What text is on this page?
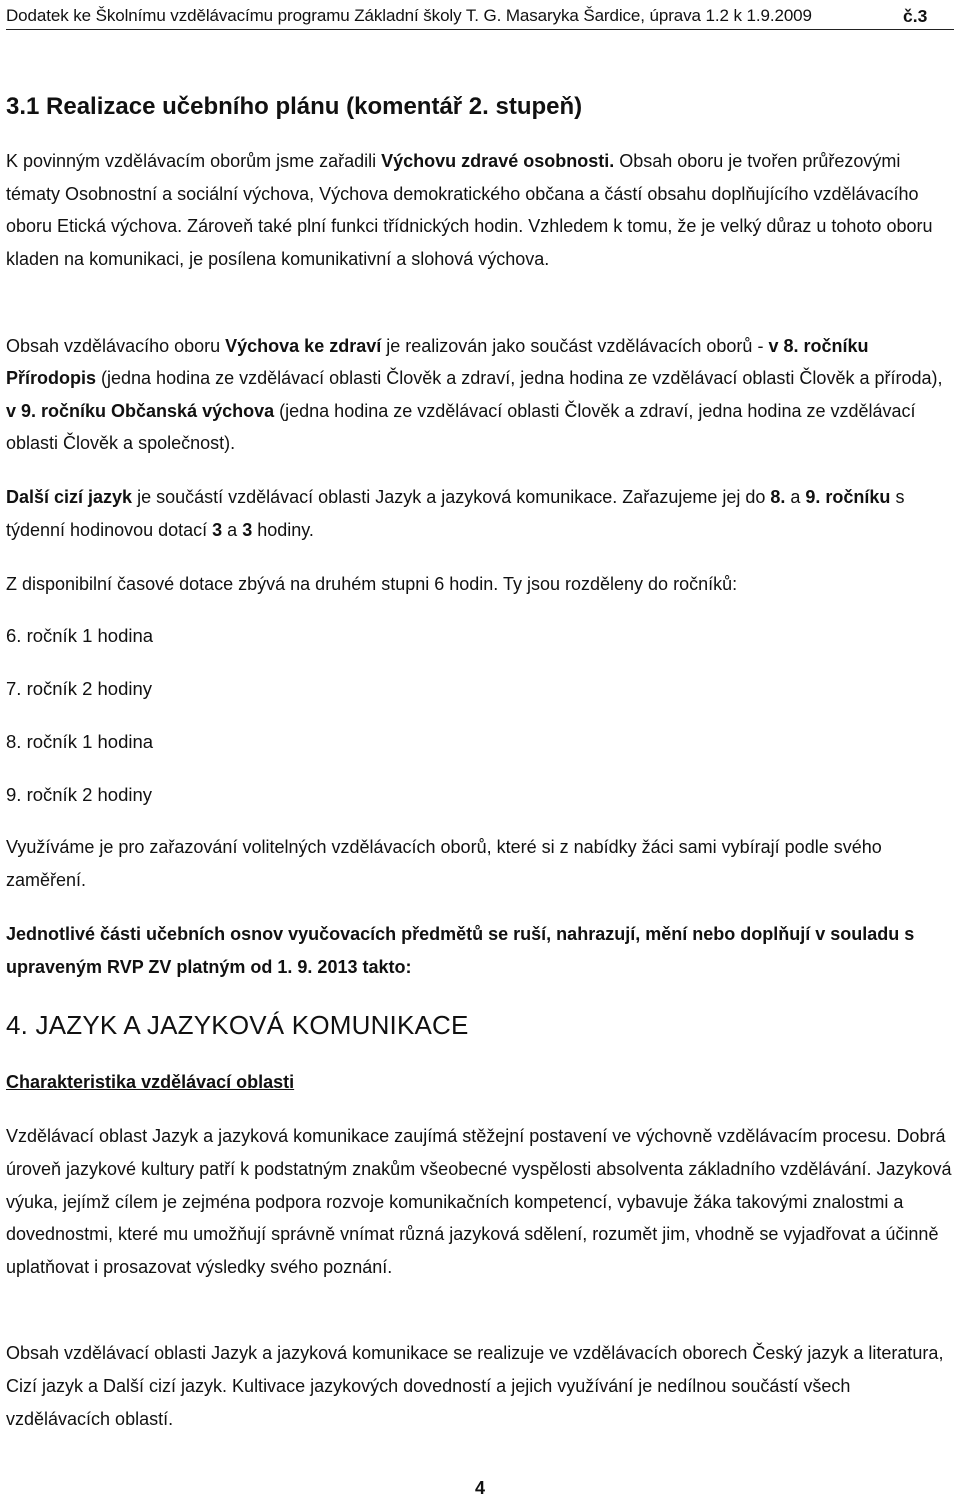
Dodatek ke Školnímu vzdělávacímu programu Základní školy T. G. Masaryka Šardice, úprava 1.2 k 1.9.2009	č.3
3.1 Realizace učebního plánu (komentář 2. stupeň)

K povinným vzdělávacím oborům jsme zařadili Výchovu zdravé osobnosti. Obsah oboru je tvořen průřezovými tématy Osobnostní a sociální výchova, Výchova demokratického občana a částí obsahu doplňujícího vzdělávacího oboru Etická výchova. Zároveň také plní funkci třídnických hodin. Vzhledem k tomu, že je velký důraz u tohoto oboru kladen na komunikaci, je posílena komunikativní a slohová výchova.

Obsah vzdělávacího oboru Výchova ke zdraví je realizován jako součást vzdělávacích oborů - v 8. ročníku Přírodopis (jedna hodina ze vzdělávací oblasti Člověk a zdraví, jedna hodina ze vzdělávací oblasti Člověk a příroda), v 9. ročníku Občanská výchova (jedna hodina ze vzdělávací oblasti Člověk a zdraví, jedna hodina ze vzdělávací oblasti Člověk a společnost).

Další cizí jazyk je součástí vzdělávací oblasti Jazyk a jazyková komunikace. Zařazujeme jej do 8. a 9. ročníku s týdenní hodinovou dotací 3 a 3 hodiny.

Z disponibilní časové dotace zbývá na druhém stupni 6 hodin. Ty jsou rozděleny do ročníků:

6. ročník 1 hodina

7. ročník 2 hodiny

8. ročník 1 hodina

9. ročník 2 hodiny

Využíváme je pro zařazování volitelných vzdělávacích oborů, které si z nabídky žáci sami vybírají podle svého zaměření.

Jednotlivé části učebních osnov vyučovacích předmětů se ruší, nahrazují, mění nebo doplňují v souladu s upraveným RVP ZV platným od 1. 9. 2013 takto:

4. JAZYK A JAZYKOVÁ KOMUNIKACE
Charakteristika vzdělávací oblasti

Vzdělávací oblast Jazyk a jazyková komunikace zaujímá stěžejní postavení ve výchovně vzdělávacím procesu. Dobrá úroveň jazykové kultury patří k podstatným znakům všeobecné vyspělosti absolventa základního vzdělávání. Jazyková výuka, jejímž cílem je zejména podpora rozvoje komunikačních kompetencí, vybavuje žáka takovými znalostmi a dovednostmi, které mu umožňují správně vnímat různá jazyková sdělení, rozumět jim, vhodně se vyjadřovat a účinně uplatňovat i prosazovat výsledky svého poznání.

Obsah vzdělávací oblasti Jazyk a jazyková komunikace se realizuje ve vzdělávacích oborech Český jazyk a literatura, Cizí jazyk a Další cizí jazyk. Kultivace jazykových dovedností a jejich využívání je nedílnou součástí všech vzdělávacích oblastí.

4
